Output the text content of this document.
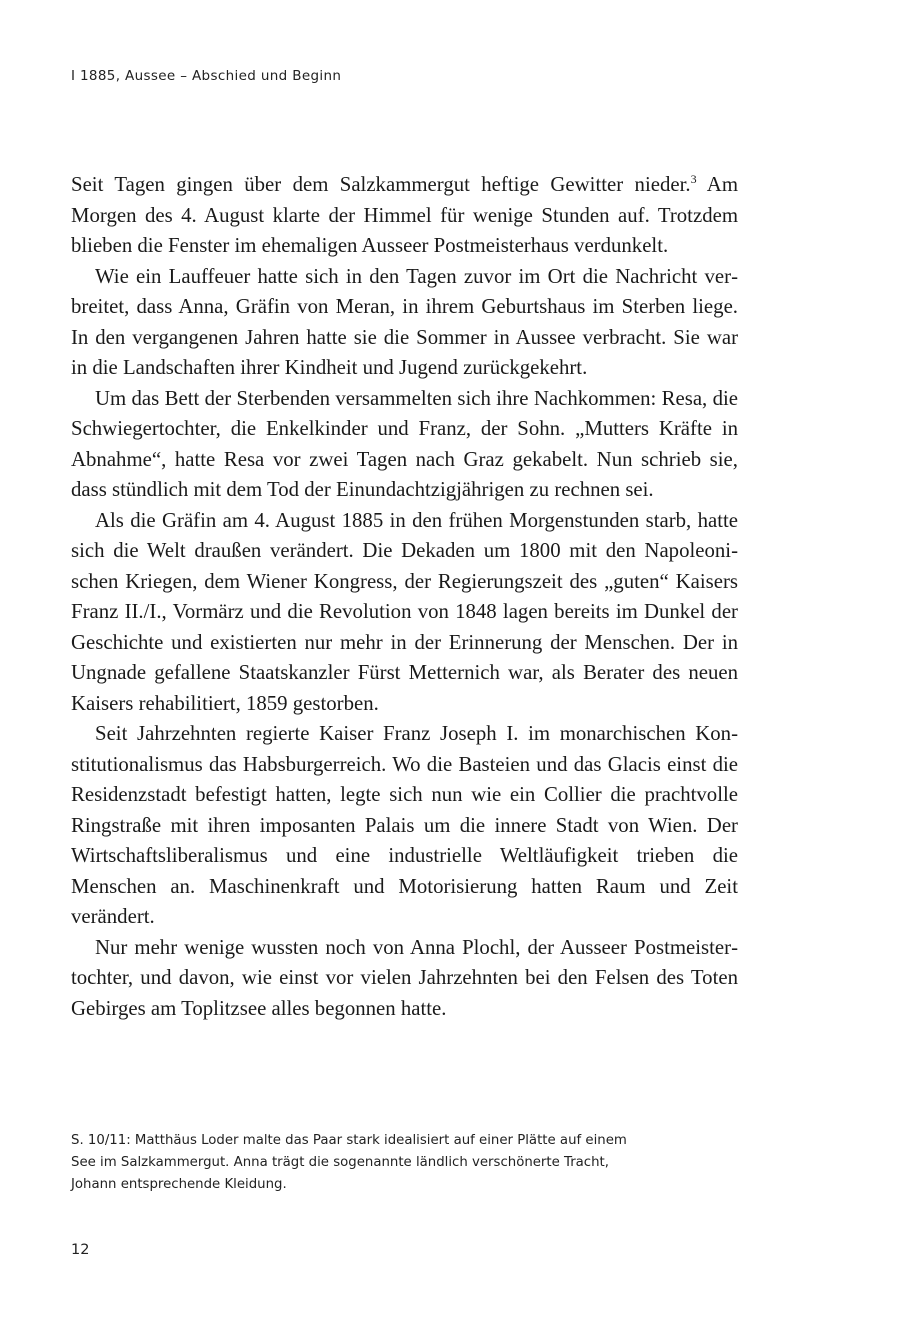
I 1885, Aussee – Abschied und Beginn

Seit Tagen gingen über dem Salzkammergut heftige Gewitter nieder.$^3$ Am Morgen des 4. August klarte der Himmel für wenige Stunden auf. Trotzdem blieben die Fenster im ehemaligen Ausseer Postmeisterhaus verdunkelt.

Wie ein Lauffeuer hatte sich in den Tagen zuvor im Ort die Nachricht verbreitet, dass Anna, Gräfin von Meran, in ihrem Geburtshaus im Sterben liege. In den vergangenen Jahren hatte sie die Sommer in Aussee verbracht. Sie war in die Landschaften ihrer Kindheit und Jugend zurückgekehrt.

Um das Bett der Sterbenden versammelten sich ihre Nachkommen: Resa, die Schwiegertochter, die Enkelkinder und Franz, der Sohn. „Mutters Kräfte in Abnahme“, hatte Resa vor zwei Tagen nach Graz gekabelt. Nun schrieb sie, dass stündlich mit dem Tod der Einundachtzigjährigen zu rechnen sei.

Als die Gräfin am 4. August 1885 in den frühen Morgenstunden starb, hatte sich die Welt draußen verändert. Die Dekaden um 1800 mit den Napoleonischen Kriegen, dem Wiener Kongress, der Regierungszeit des „guten“ Kaisers Franz II./I., Vormärz und die Revolution von 1848 lagen bereits im Dunkel der Geschichte und existierten nur mehr in der Erinnerung der Menschen. Der in Ungnade gefallene Staatskanzler Fürst Metternich war, als Berater des neuen Kaisers rehabilitiert, 1859 gestorben.

Seit Jahrzehnten regierte Kaiser Franz Joseph I. im monarchischen Konstitutionalismus das Habsburgerreich. Wo die Basteien und das Glacis einst die Residenzstadt befestigt hatten, legte sich nun wie ein Collier die prachtvolle Ringstraße mit ihren imposanten Palais um die innere Stadt von Wien. Der Wirtschaftsliberalismus und eine industrielle Weltläufigkeit trieben die Menschen an. Maschinenkraft und Motorisierung hatten Raum und Zeit verändert.

Nur mehr wenige wussten noch von Anna Plochl, der Ausseer Postmeistertochter, und davon, wie einst vor vielen Jahrzehnten bei den Felsen des Toten Gebirges am Toplitzsee alles begonnen hatte.

S. 10/11: Matthäus Loder malte das Paar stark idealisiert auf einer Plätte auf einem
See im Salzkammergut. Anna trägt die sogenannte ländlich verschönerte Tracht,
Johann entsprechende Kleidung.
12
